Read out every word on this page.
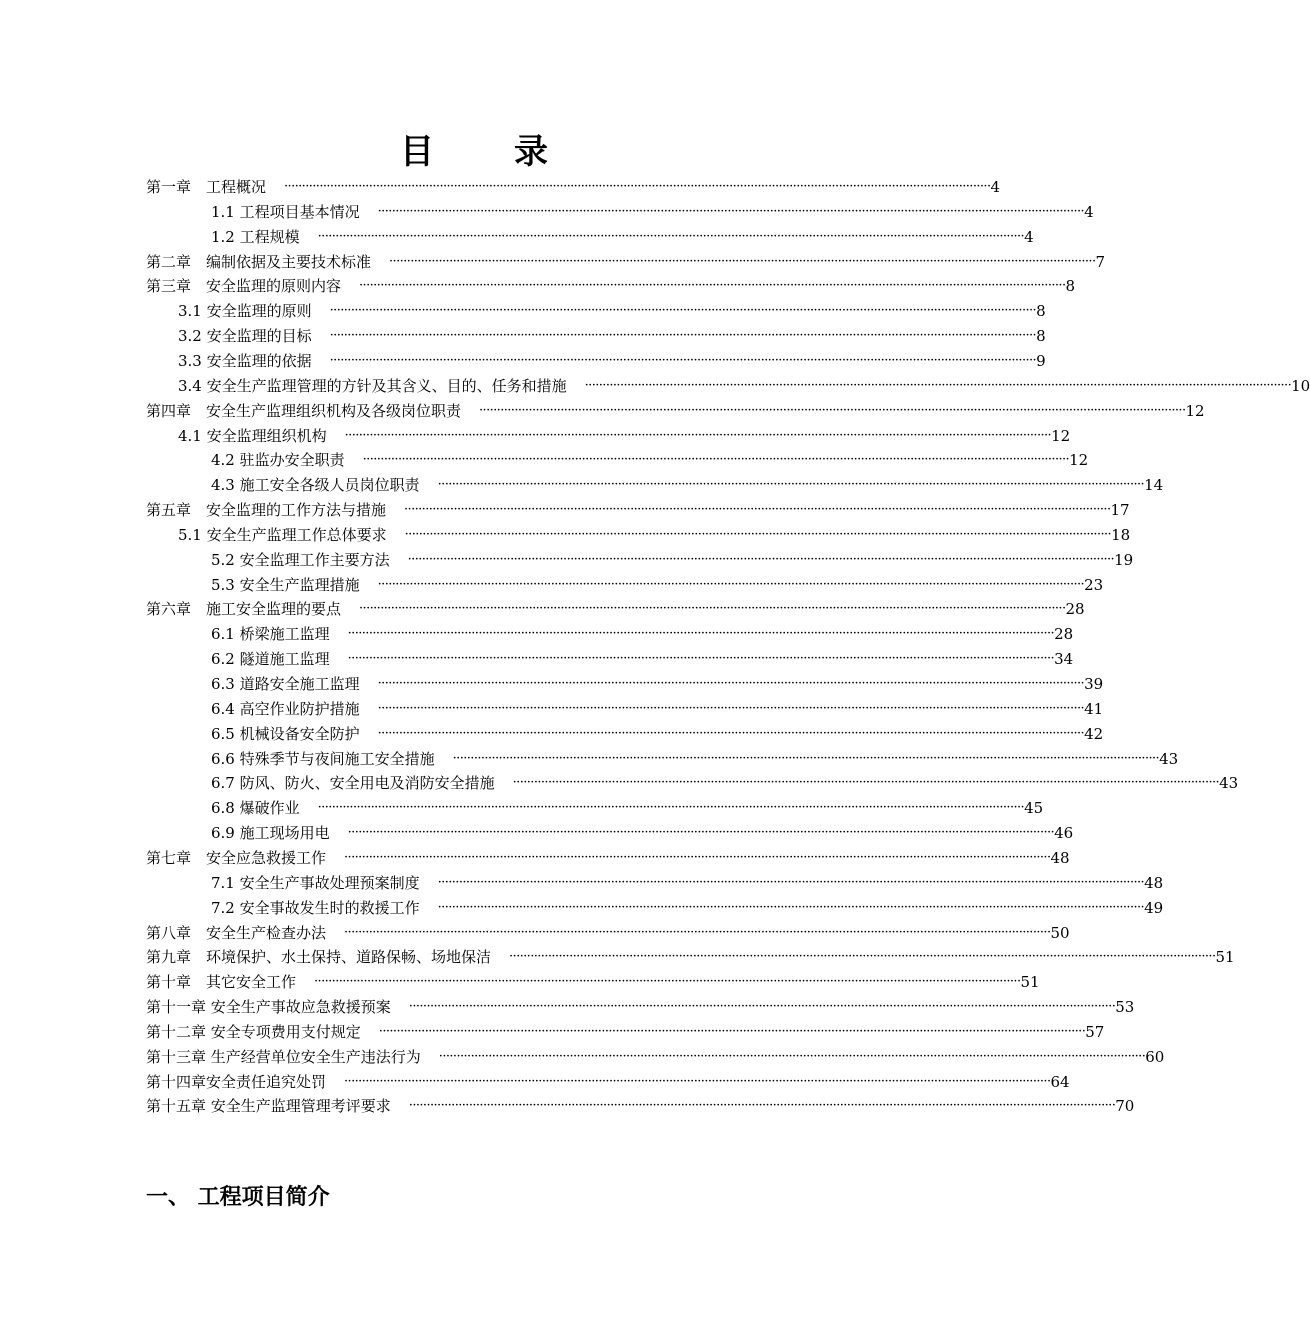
目 录
第一章　工程概况 ········································································································································································································ 4
1.1 工程项目基本情况 ········································································································································································································ 4
1.2 工程规模 ········································································································································································································ 4
第二章　编制依据及主要技术标准 ········································································································································································································ 7
第三章　安全监理的原则内容 ········································································································································································································ 8
3.1 安全监理的原则 ········································································································································································································ 8
3.2 安全监理的目标 ········································································································································································································ 8
3.3 安全监理的依据 ········································································································································································································ 9
3.4 安全生产监理管理的方针及其含义、目的、任务和措施 ········································································································································································································ 10
第四章　安全生产监理组织机构及各级岗位职责 ········································································································································································································ 12
4.1 安全监理组织机构 ········································································································································································································ 12
4.2 驻监办安全职责 ········································································································································································································ 12
4.3 施工安全各级人员岗位职责 ········································································································································································································ 14
第五章　安全监理的工作方法与措施 ········································································································································································································ 17
5.1 安全生产监理工作总体要求 ········································································································································································································ 18
5.2 安全监理工作主要方法 ········································································································································································································ 19
5.3 安全生产监理措施 ········································································································································································································ 23
第六章　施工安全监理的要点 ········································································································································································································ 28
6.1 桥梁施工监理 ········································································································································································································ 28
6.2 隧道施工监理 ········································································································································································································ 34
6.3 道路安全施工监理 ········································································································································································································ 39
6.4 高空作业防护措施 ········································································································································································································ 41
6.5 机械设备安全防护 ········································································································································································································ 42
6.6 特殊季节与夜间施工安全措施 ········································································································································································································ 43
6.7 防风、防火、安全用电及消防安全措施 ········································································································································································································ 43
6.8 爆破作业 ········································································································································································································ 45
6.9 施工现场用电 ········································································································································································································ 46
第七章　安全应急救援工作 ········································································································································································································ 48
7.1 安全生产事故处理预案制度 ········································································································································································································ 48
7.2 安全事故发生时的救援工作 ········································································································································································································ 49
第八章　安全生产检查办法 ········································································································································································································ 50
第九章　环境保护、水土保持、道路保畅、场地保洁 ········································································································································································································ 51
第十章　其它安全工作 ········································································································································································································ 51
第十一章 安全生产事故应急救援预案 ········································································································································································································ 53
第十二章 安全专项费用支付规定 ········································································································································································································ 57
第十三章 生产经营单位安全生产违法行为 ········································································································································································································ 60
第十四章安全责任追究处罚 ········································································································································································································ 64
第十五章 安全生产监理管理考评要求 ········································································································································································································ 70
一、 工程项目简介
